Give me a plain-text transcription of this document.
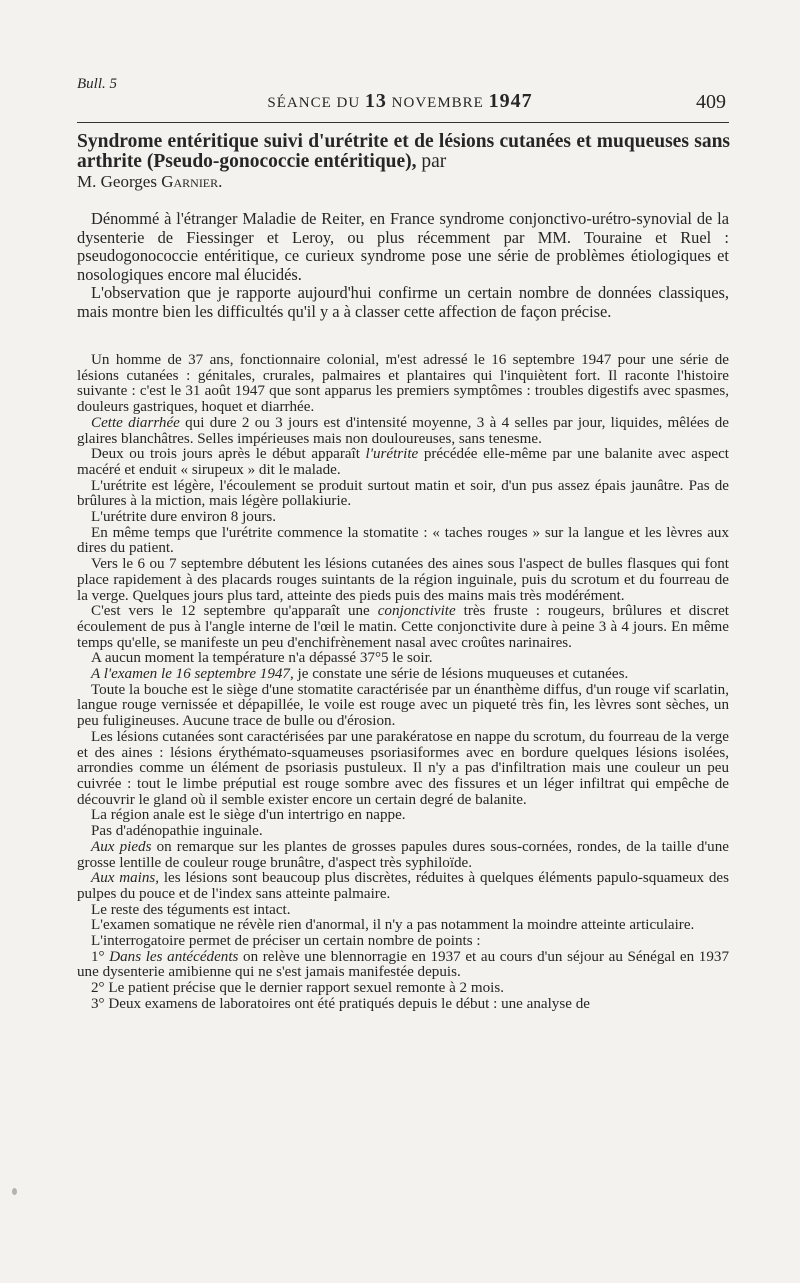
Bull. 5
SÉANCE DU 13 NOVEMBRE 1947	409
Syndrome entéritique suivi d'urétrite et de lésions cutanées et muqueuses sans arthrite (Pseudo-gonococcie entéritique), par
M. Georges Garnier.

Dénommé à l'étranger Maladie de Reiter, en France syndrome conjonctivo-urétro-synovial de la dysenterie de Fiessinger et Leroy, ou plus récemment par MM. Touraine et Ruel : pseudogonococcie entéritique, ce curieux syndrome pose une série de problèmes étiologiques et nosologiques encore mal élucidés.

L'observation que je rapporte aujourd'hui confirme un certain nombre de données classiques, mais montre bien les difficultés qu'il y a à classer cette affection de façon précise.

Un homme de 37 ans, fonctionnaire colonial, m'est adressé le 16 septembre 1947 pour une série de lésions cutanées : génitales, crurales, palmaires et plantaires qui l'inquiètent fort. Il raconte l'histoire suivante : c'est le 31 août 1947 que sont apparus les premiers symptômes : troubles digestifs avec spasmes, douleurs gastriques, hoquet et diarrhée.

Cette diarrhée qui dure 2 ou 3 jours est d'intensité moyenne, 3 à 4 selles par jour, liquides, mêlées de glaires blanchâtres. Selles impérieuses mais non douloureuses, sans tenesme.

Deux ou trois jours après le début apparaît l'urétrite précédée elle-même par une balanite avec aspect macéré et enduit « sirupeux » dit le malade.

L'urétrite est légère, l'écoulement se produit surtout matin et soir, d'un pus assez épais jaunâtre. Pas de brûlures à la miction, mais légère pollakiurie.

L'urétrite dure environ 8 jours.

En même temps que l'urétrite commence la stomatite : « taches rouges » sur la langue et les lèvres aux dires du patient.

Vers le 6 ou 7 septembre débutent les lésions cutanées des aines sous l'aspect de bulles flasques qui font place rapidement à des placards rouges suintants de la région inguinale, puis du scrotum et du fourreau de la verge. Quelques jours plus tard, atteinte des pieds puis des mains mais très modérément.

C'est vers le 12 septembre qu'apparaît une conjonctivite très fruste : rougeurs, brûlures et discret écoulement de pus à l'angle interne de l'œil le matin. Cette conjonctivite dure à peine 3 à 4 jours. En même temps qu'elle, se manifeste un peu d'enchifrènement nasal avec croûtes narinaires.

A aucun moment la température n'a dépassé 37°5 le soir.

A l'examen le 16 septembre 1947, je constate une série de lésions muqueuses et cutanées.

Toute la bouche est le siège d'une stomatite caractérisée par un énanthème diffus, d'un rouge vif scarlatin, langue rouge vernissée et dépapillée, le voile est rouge avec un piqueté très fin, les lèvres sont sèches, un peu fuligineuses. Aucune trace de bulle ou d'érosion.

Les lésions cutanées sont caractérisées par une parakératose en nappe du scrotum, du fourreau de la verge et des aines : lésions érythémato-squameuses psoriasiformes avec en bordure quelques lésions isolées, arrondies comme un élément de psoriasis pustuleux. Il n'y a pas d'infiltration mais une couleur un peu cuivrée : tout le limbe préputial est rouge sombre avec des fissures et un léger infiltrat qui empêche de découvrir le gland où il semble exister encore un certain degré de balanite.

La région anale est le siège d'un intertrigo en nappe.

Pas d'adénopathie inguinale.

Aux pieds on remarque sur les plantes de grosses papules dures sous-cornées, rondes, de la taille d'une grosse lentille de couleur rouge brunâtre, d'aspect très syphiloïde.

Aux mains, les lésions sont beaucoup plus discrètes, réduites à quelques éléments papulo-squameux des pulpes du pouce et de l'index sans atteinte palmaire.

Le reste des téguments est intact.

L'examen somatique ne révèle rien d'anormal, il n'y a pas notamment la moindre atteinte articulaire.

L'interrogatoire permet de préciser un certain nombre de points :

1° Dans les antécédents on relève une blennorragie en 1937 et au cours d'un séjour au Sénégal en 1937 une dysenterie amibienne qui ne s'est jamais manifestée depuis.

2° Le patient précise que le dernier rapport sexuel remonte à 2 mois.

3° Deux examens de laboratoires ont été pratiqués depuis le début : une analyse de
